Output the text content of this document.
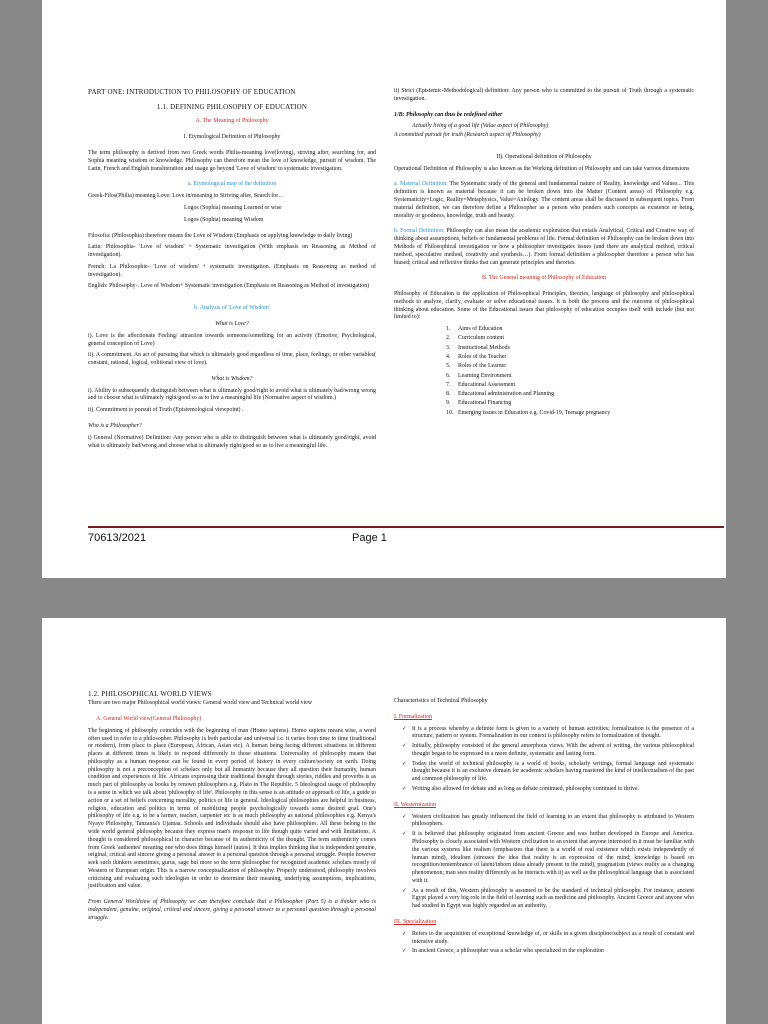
PART ONE: INTRODUCTION TO PHILOSOPHY OF EDUCATION

1.1. DEFINING PHILOSOPHY OF EDUCATION

A. The Meaning of Philosophy

I. Etymological Definition of Philosophy

The term philosophy is derived from two Greek words Philia-meaning love(loving), striving after, searching for, and Sophia meaning wisdom or knowledge. Philosophy can therefore mean the love of knowledge, pursuit of wisdom. The Latin, French and English transliteration and usage go beyond 'Love of wisdom' to systematic investigation.

a. Etymological map of the definition

Greek-Filos(Philia) meaning Love: Love in/meaning to Striving after, Search for…

Logos (Sophia) meaning Learned or wise

Logos (Sophia) meaning Wisdom

Filosofia: (Philosophia) therefore means the Love of Wisdom (Emphasis on applying knowledge to daily living)

Latin: Philosophia- 'Love of wisdom' + Systematic investigation (With emphasis on Reasoning as Method of investigation).

French: La Philosophie- 'Love of wisdom' + systematic investigation. (Emphasis on Reasoning as method of investigation).

English: Philosophy-. Love of Wisdom+ Systematic investigation (Emphasis on Reasoning as Method of investigation)

b. Analysis of 'Love of Wisdom'

What is Love?

i). Love is the affectionate Feeling/ attraction towards someone/something for an activity (Emotive, Psychological, general conception of Love)

ii). A commitment. An act of pursuing that which is ultimately good regardless of time, place, feelings, or other variables( constant, rational, logical, volitional view of love).

What is Wisdom?

i). Ability to subsequently distinguish between what is ultimately good/right to avoid what is ultimately bad/wrong wrong and to choose what is ultimately right/good so as to live a meaningful life (Normative aspect of wisdom.)

ii). Commitment to pursuit of Truth (Epistemological viewpoint) .

Who is a Philosopher?

i) General (Normative) Definition: Any person who is able to distinguish between what is ultimately good/right, avoid what is ultimately bad/wrong and choose what is ultimately right/good so as to live a meaningful life.

ii) Strict (Epistemic-Methodological) definition: Any person who is committed to the pursuit of Truth through a systematic investigation.

1/B: Philosophy can thus be redefined either

Actually living of a good life (Value aspect of Philosophy)

A committed pursuit for truth (Research aspect of Philosophy)

II). Operational definition of Philosophy

Operational Definition of Philosophy is also known as the Working definition of Philosophy and can take various dimensions

a. Material Definition: The Systematic study of the general and fundamental nature of Reality, knowledge and Values... This definition is known as material because it can be broken down into the Matter (Content areas) of Philosophy e.g. Systematicity=Logic, Reality=Metaphysics, Value=Axiology. The content areas shall be discussed in subsequent topics. From material definition, we can therefore define a Philosopher as a person who ponders such concepts as existence or being, morality or goodness, knowledge, truth and beauty.

b. Formal Definition: Philosophy can also mean the academic exploration that entails Analytical, Critical and Creative way of thinking about assumptions, beliefs or fundamental problems of life. Formal definition of Philosophy can be broken down into Methods of Philosophical investigation or how a philosopher investigates issues (and there are analytical method, critical method, speculative method, creativity and synthesis…). From formal definition a philosopher therefore a person who has biased; critical and reflective thinks that can generate principles and theories.

B. The General meaning of Philosophy of Education

Philosophy of Education is the application of Philosophical Principles, theories, language of philosophy and philosophical methods to analyze, clarify, evaluate or solve educational issues. It is both the process and the outcome of philosophical thinking about education. Some of the Educational issues that philosophy of education occupies itself with include (but not limited to):

1. Aims of Education
2. Curriculum content
3. Instructional Methods
4. Roles of the Teacher
5. Roles of the Learner
6. Learning Environment
7. Educational Assessment
8. Educational administration and Planning
9. Educational Financing
10. Emerging issues in Education e.g. Covid-19, Teenage pregnancy
70613/2021	Page 1

1.2. PHILOSOPHICAL WORLD VIEWS

There are two major Philosophical world views: General world view and Technical world view

A. General World view(General Philosophy)

The beginning of philosophy coincides with the beginning of man (Homo sapiens). Homo sapiens means wise, a word often used to refer to a philosopher. Philosophy is both particular and universal i.e. it varies from time to time (traditional or modern), from place to place (European, African, Asian etc). A human being facing different situations in different places at different times is likely to respond differently to those situations. Universality of philosophy means that philosophy as a human response can be found in every period of history in every culture/society on earth. Doing philosophy is not a preconception of scholars only but all humanity because they all question their humanity, human condition and experiences of life. Africans expressing their traditional thought through stories, riddles and proverbs is as much part of philosophy as books by renown philosophers e.g. Plato in The Republic. 5 Ideological usage of philosophy is a sense in which we talk about 'philosophy of life'. Philosophy in this sense is an attitude or approach of life, a guide to action or a set of beliefs concerning morality, politics or life in general. Ideological philosophies are helpful in business, religion, education and politics in terms of mobilizing people psychologically towards some desired goal. One's philosophy of life e.g. to be a farmer, teacher, carpenter etc is as much philosophy as national philosophies e.g. Kenya's Nyayo Philosophy, Tanzania's Ujamaa. Schools and individuals should also have philosophies. All these belong to the wide world general philosophy because they express man's response to life though quite varied and with limitations. A thought is considered philosophical in character because of its authenticity of the thought. The term authenticity comes from Greek 'authentes' meaning one who does things himself (autos). It thus implies thinking that is independent genuine, original, critical and sincere giving a personal answer to a personal question through a personal struggle. People however seek such thinkers sometimes, gurus, sage but more so the term philosopher for recognized academic scholars mostly of Western or European origin. This is a narrow conceptualization of philosophy. Properly understood, philosophy involves criticising and evaluating such ideologies in order to determine their meaning, underlying assumptions, implications, justification and value.

From General Worldview of Philosophy we can therefore conclude that a Philosopher (Part 5) is a thinker who is independent, genuine, original, critical and sincere, giving a personal answer to a personal question through a personal struggle.

Characteristics of Technical Philosophy

I. Formalization

✓ It is a process whereby a definite form is given to a variety of human activities; formalization is the presence of a structure, pattern or system. Formalization in our context is philosophy refers to formalization of thought.
✓ Initially, philosophy consisted of the general amorphous views. With the advent of writing, the various philosophical thought began to be expressed in a more definite, systematic and lasting form.
✓ Today the world of technical philosophy is a world of books, scholarly writings, formal language and systematic thought because it is an exclusive domain for academic scholars having mastered the kind of intellectualism of the past and common philosophy of life.
✓ Writing also allowed for debate and as long as debate continued, philosophy continued to thrive.

II. Westernization

✓ Western civilization has greatly influenced the field of learning to an extent that philosophy is attributed to Western philosophers.
✓ It is believed that philosophy originated from ancient Greece and was further developed in Europe and America. Philosophy is closely associated with Western civilization to an extent that anyone interested in it must be familiar with the various systems like realism (emphasizes that there is a world of real existence which exists independently of human mind), idealism (stresses the idea that reality is an expression of the mind; knowledge is based on recognition/remembrance of latent/inborn ideas already present in the mind), pragmatism (views reality as a changing phenomenon; man sees reality differently as he interacts with it) as well as the philosophical language that is associated with it.
✓ As a result of this, Western philosophy is assumed to be the standard of technical philosophy. For instance, ancient Egypt played a very big role in the field of learning such as medicine and philosophy. Ancient Greece and anyone who had studied in Egypt was highly regarded as an authority.

III. Specialization

✓ Refers to the acquisition of exceptional knowledge of, or skills in a given discipline/subject as a result of constant and intensive study.
✓ In ancient Greece, a philosopher was a scholar who specialized in the exploration
